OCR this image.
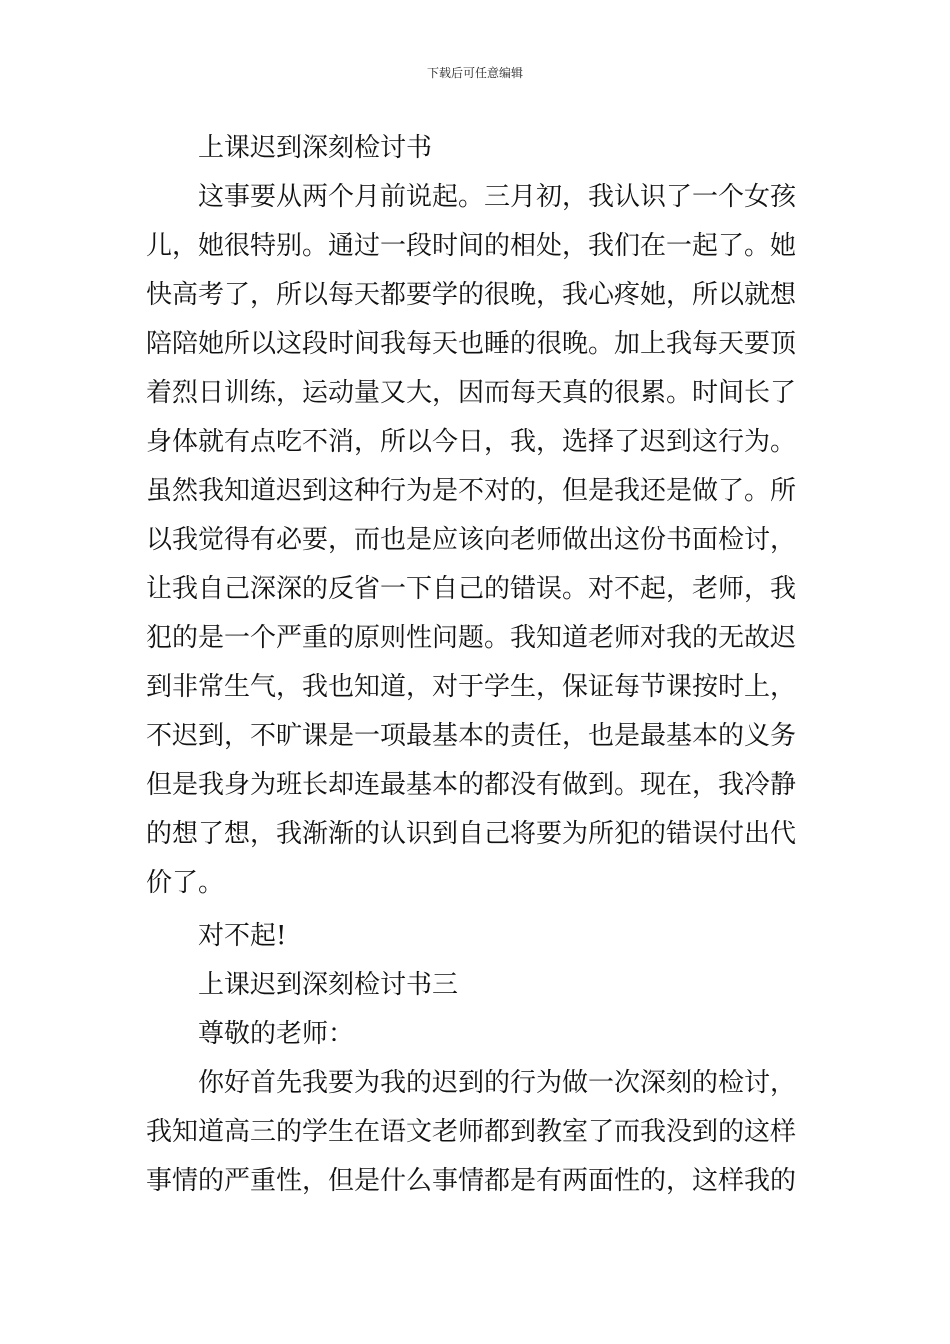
下载后可任意编辑
上课迟到深刻检讨书
这事要从两个月前说起。三月初，我认识了一个女孩
儿，她很特别。通过一段时间的相处，我们在一起了。她
快高考了，所以每天都要学的很晚，我心疼她，所以就想
陪陪她所以这段时间我每天也睡的很晚。加上我每天要顶
着烈日训练，运动量又大，因而每天真的很累。时间长了
身体就有点吃不消，所以今日，我，选择了迟到这行为。
虽然我知道迟到这种行为是不对的，但是我还是做了。所
以我觉得有必要，而也是应该向老师做出这份书面检讨，
让我自己深深的反省一下自己的错误。对不起，老师，我
犯的是一个严重的原则性问题。我知道老师对我的无故迟
到非常生气，我也知道，对于学生，保证每节课按时上，
不迟到，不旷课是一项最基本的责任，也是最基本的义务
但是我身为班长却连最基本的都没有做到。现在，我冷静
的想了想，我渐渐的认识到自己将要为所犯的错误付出代
价了。
对不起!
上课迟到深刻检讨书三
尊敬的老师：
你好首先我要为我的迟到的行为做一次深刻的检讨，
我知道高三的学生在语文老师都到教室了而我没到的这样
事情的严重性，但是什么事情都是有两面性的，这样我的
